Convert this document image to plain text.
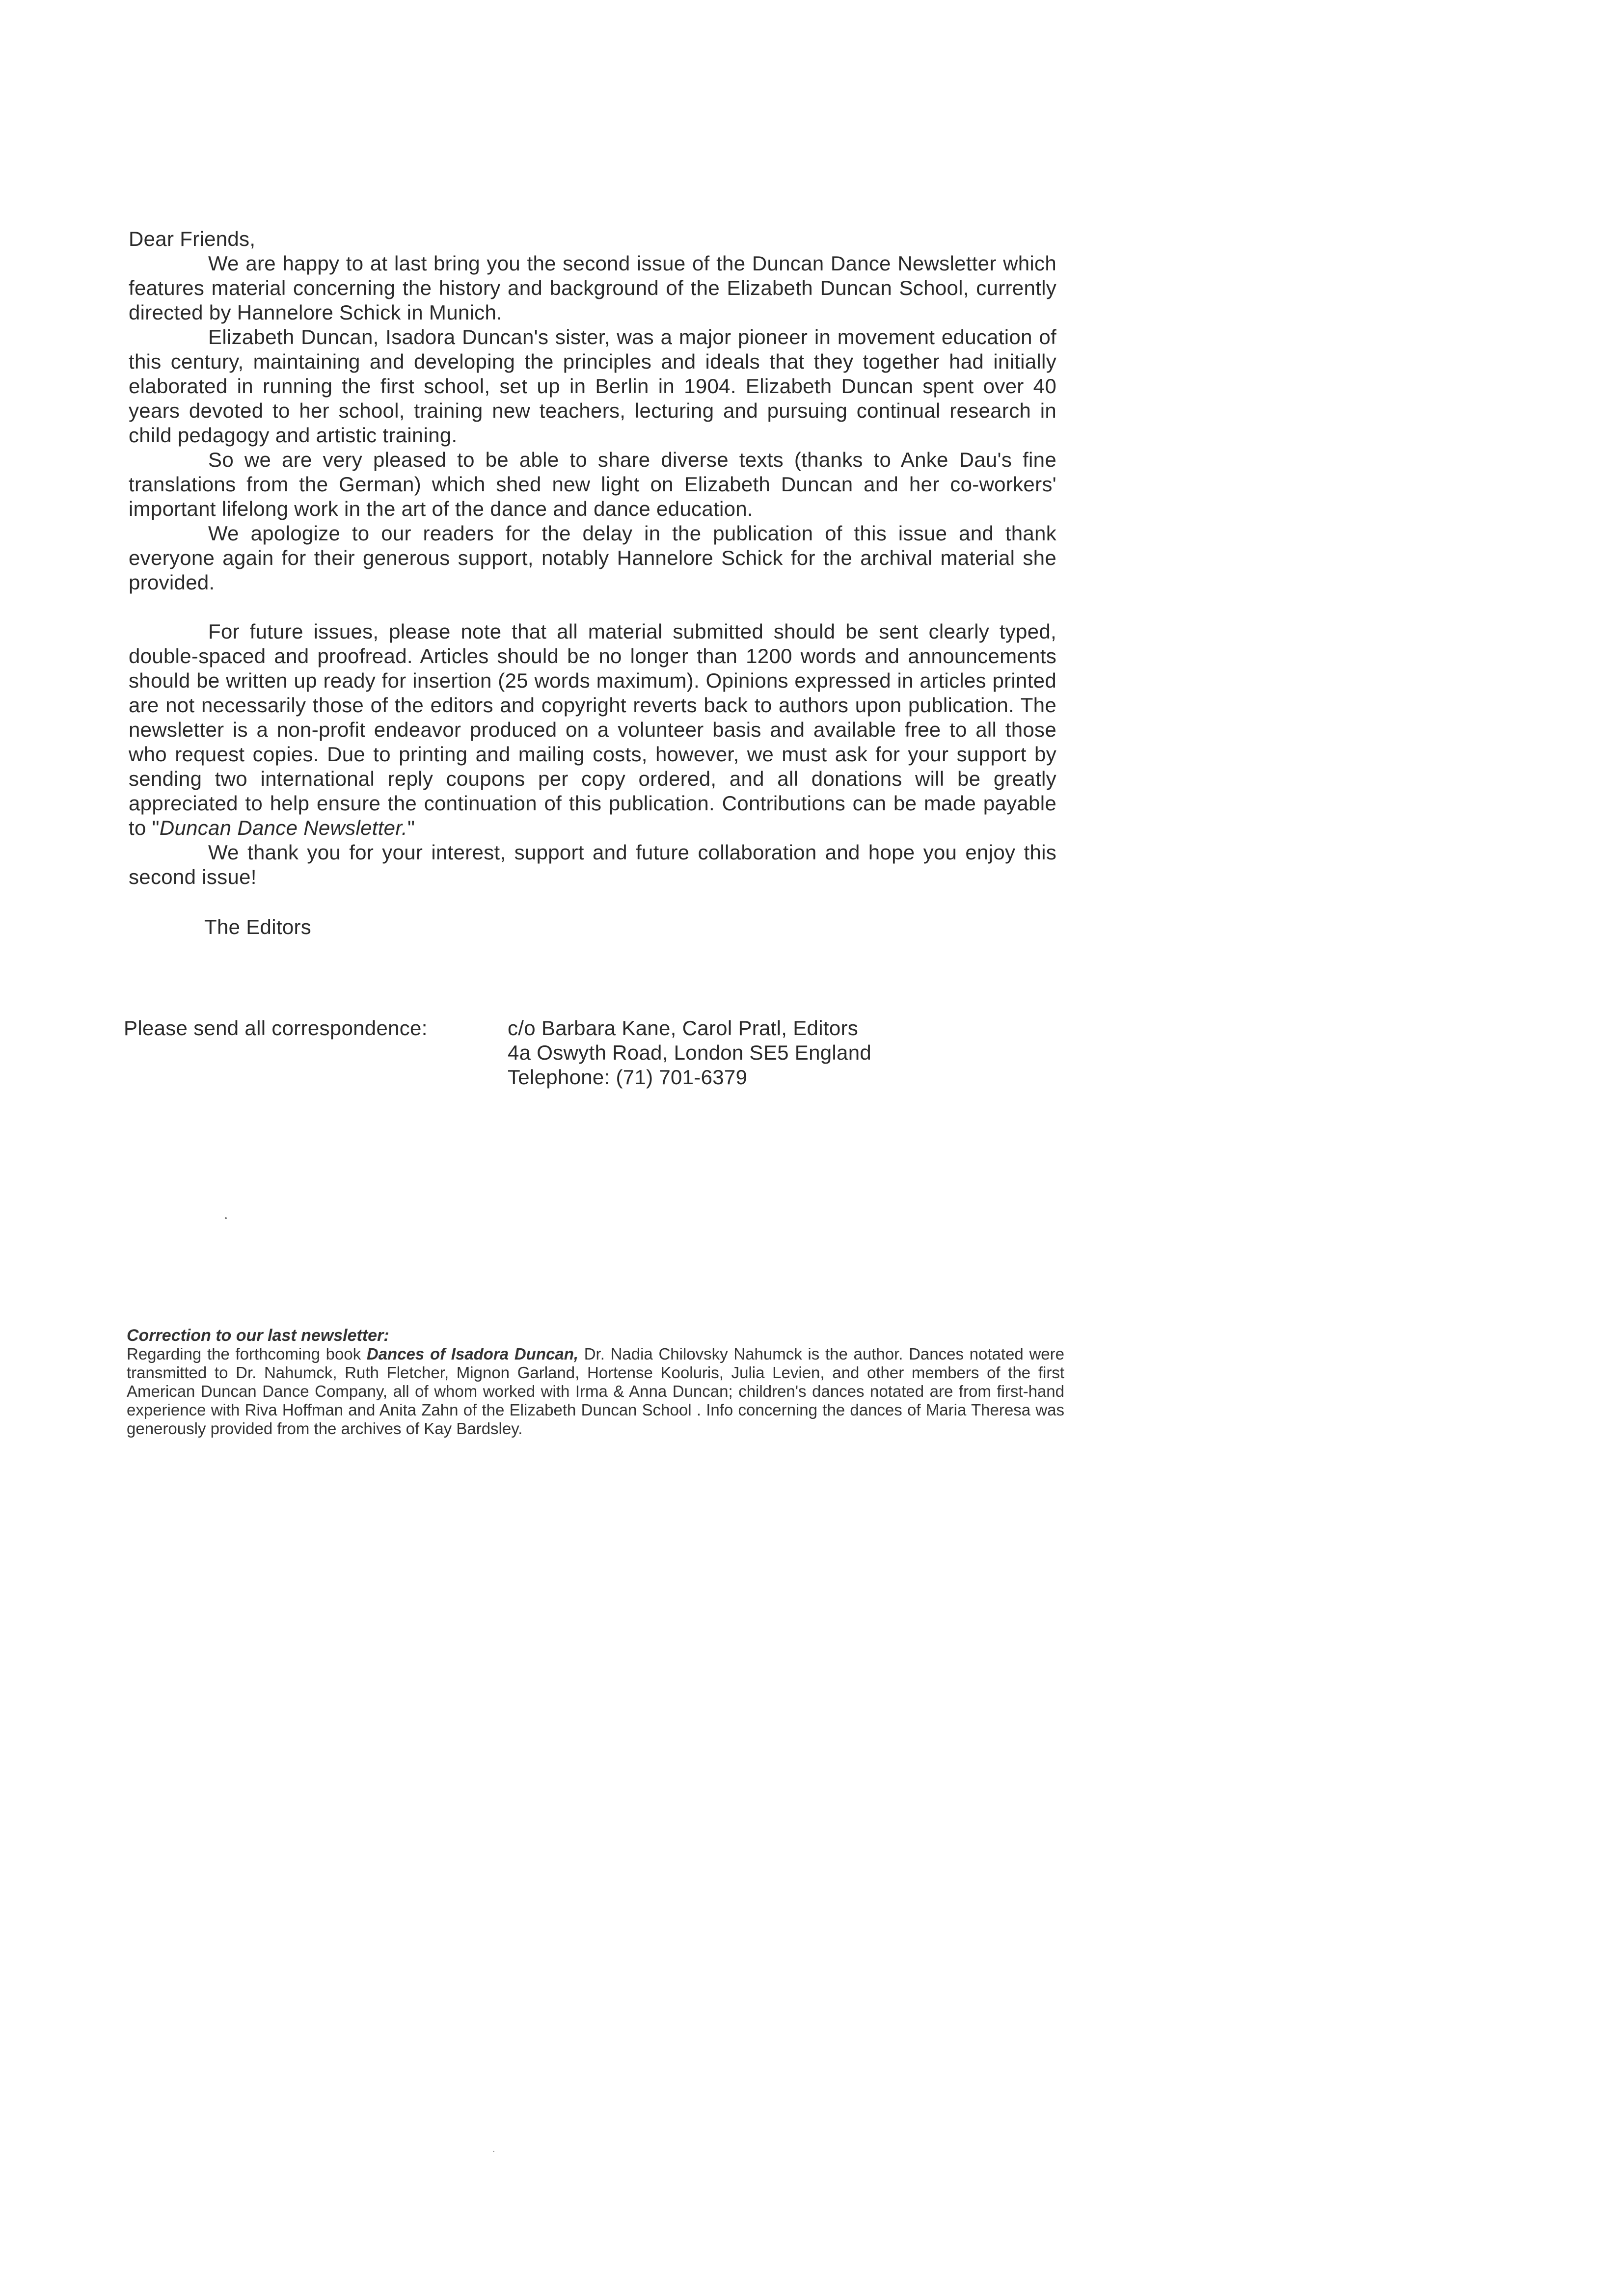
Dear Friends,

We are happy to at last bring you the second issue of the Duncan Dance Newsletter which features material concerning the history and background of the Elizabeth Duncan School, currently directed by Hannelore Schick in Munich.

Elizabeth Duncan, Isadora Duncan's sister, was a major pioneer in movement education of this century, maintaining and developing the principles and ideals that they together had initially elaborated in running the first school, set up in Berlin in 1904. Elizabeth Duncan spent over 40 years devoted to her school, training new teachers, lecturing and pursuing continual research in child pedagogy and artistic training.

So we are very pleased to be able to share diverse texts (thanks to Anke Dau's fine translations from the German) which shed new light on Elizabeth Duncan and her co-workers' important lifelong work in the art of the dance and dance education.

We apologize to our readers for the delay in the publication of this issue and thank everyone again for their generous support, notably Hannelore Schick for the archival material she provided.

For future issues, please note that all material submitted should be sent clearly typed, double-spaced and proofread. Articles should be no longer than 1200 words and announcements should be written up ready for insertion (25 words maximum). Opinions expressed in articles printed are not necessarily those of the editors and copyright reverts back to authors upon publication. The newsletter is a non-profit endeavor produced on a volunteer basis and available free to all those who request copies. Due to printing and mailing costs, however, we must ask for your support by sending two international reply coupons per copy ordered, and all donations will be greatly appreciated to help ensure the continuation of this publication. Contributions can be made payable to "Duncan Dance Newsletter."

We thank you for your interest, support and future collaboration and hope you enjoy this second issue!

The Editors

Please send all correspondence:	c/o Barbara Kane, Carol Pratl, Editors
4a Oswyth Road, London SE5 England
Telephone: (71) 701-6379

Correction to our last newsletter:

Regarding the forthcoming book Dances of Isadora Duncan, Dr. Nadia Chilovsky Nahumck is the author. Dances notated were transmitted to Dr. Nahumck, Ruth Fletcher, Mignon Garland, Hortense Kooluris, Julia Levien, and other members of the first American Duncan Dance Company, all of whom worked with Irma & Anna Duncan; children's dances notated are from first-hand experience with Riva Hoffman and Anita Zahn of the Elizabeth Duncan School . Info concerning the dances of Maria Theresa was generously provided from the archives of Kay Bardsley.
